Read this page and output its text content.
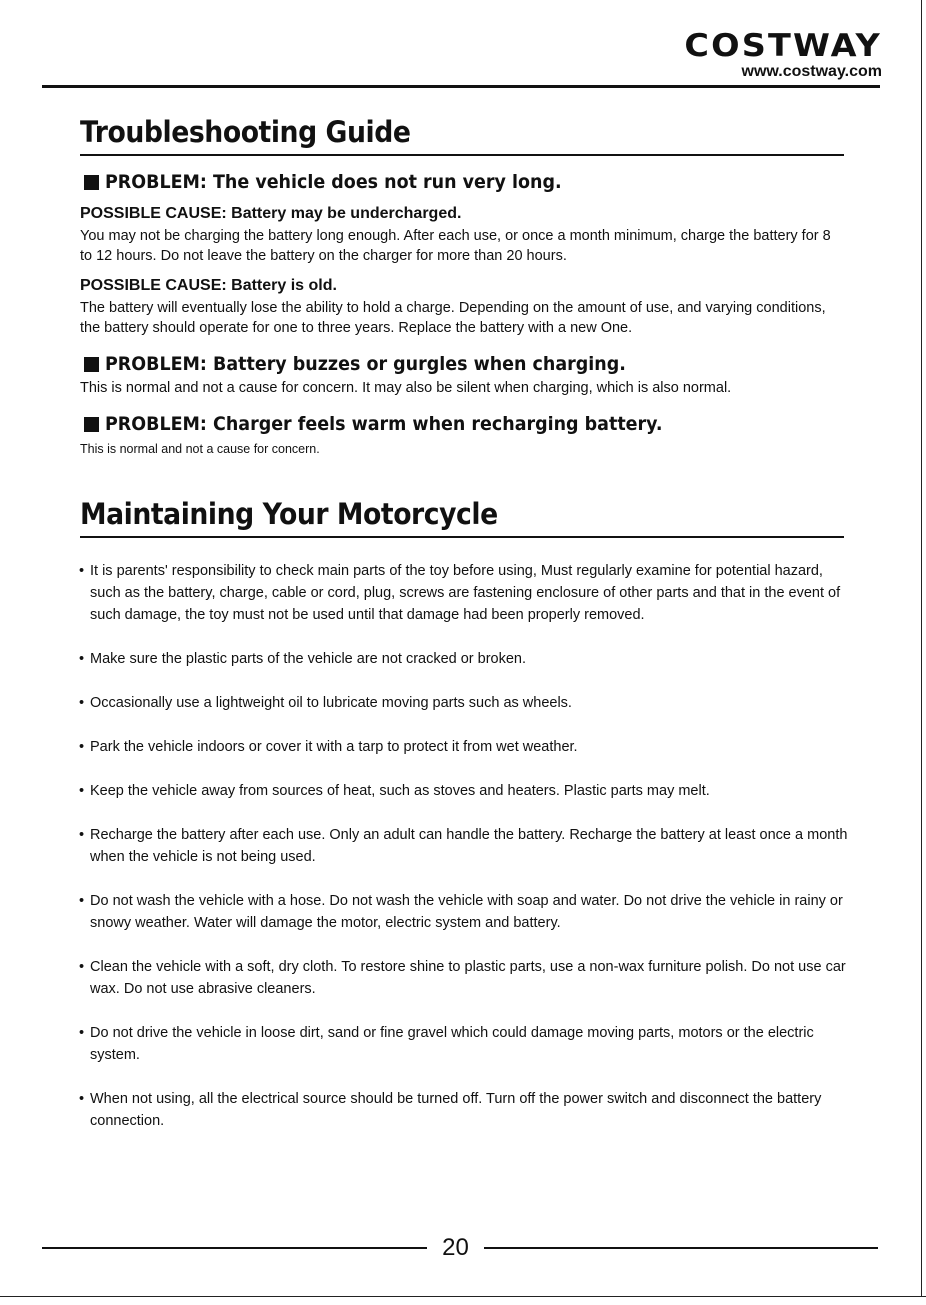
COSTWAY
www.costway.com
Troubleshooting Guide
PROBLEM: The vehicle does not run very long.
POSSIBLE CAUSE: Battery may be undercharged.

You may not be charging the battery long enough. After each use, or once a month minimum, charge the battery for 8 to 12 hours. Do not leave the battery on the charger for more than 20 hours.

POSSIBLE CAUSE: Battery is old.

The battery will eventually lose the ability to hold a charge. Depending on the amount of use, and varying conditions, the battery should operate for one to three years. Replace the battery with a new One.

PROBLEM: Battery buzzes or gurgles when charging.

This is normal and not a cause for concern. It may also be silent when charging, which is also normal.

PROBLEM: Charger feels warm when recharging battery.

This is normal and not a cause for concern.

Maintaining Your Motorcycle
• It is parents' responsibility to check main parts of the toy before using, Must regularly examine for potential hazard, such as the battery, charge, cable or cord, plug, screws are fastening enclosure of other parts and that in the event of such damage, the toy must not be used until that damage had been properly removed.
• Make sure the plastic parts of the vehicle are not cracked or broken.
• Occasionally use a lightweight oil to lubricate moving parts such as wheels.
• Park the vehicle indoors or cover it with a tarp to protect it from wet weather.
• Keep the vehicle away from sources of heat, such as stoves and heaters. Plastic parts may melt.
• Recharge the battery after each use. Only an adult can handle the battery. Recharge the battery at least once a month when the vehicle is not being used.
• Do not wash the vehicle with a hose. Do not wash the vehicle with soap and water. Do not drive the vehicle in rainy or snowy weather. Water will damage the motor, electric system and battery.
• Clean the vehicle with a soft, dry cloth. To restore shine to plastic parts, use a non-wax furniture polish. Do not use car wax. Do not use abrasive cleaners.
• Do not drive the vehicle in loose dirt, sand or fine gravel which could damage moving parts, motors or the electric system.
• When not using, all the electrical source should be turned off. Turn off the power switch and disconnect the battery connection.
20
